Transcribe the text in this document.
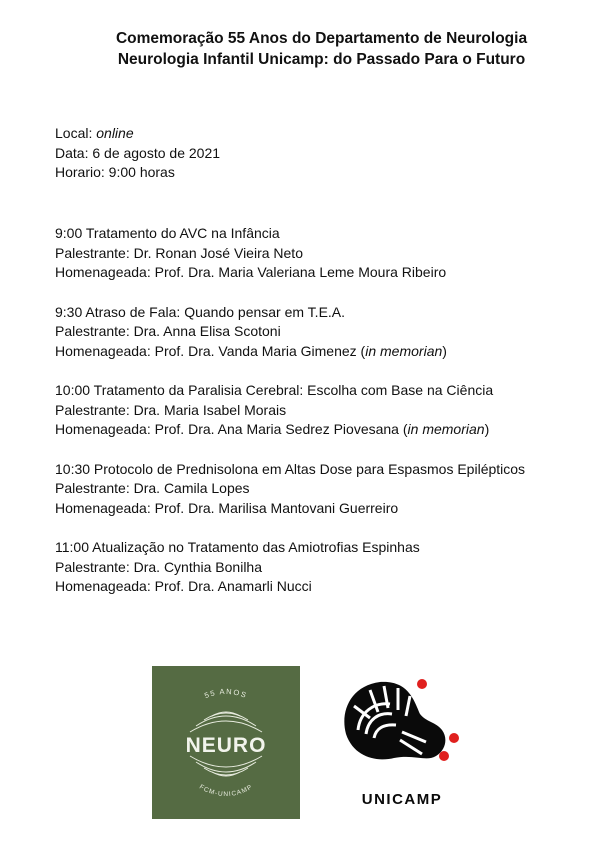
Comemoração 55 Anos do Departamento de Neurologia
Neurologia Infantil Unicamp: do Passado Para o Futuro
Local: online
Data: 6 de agosto de 2021
Horario: 9:00 horas
9:00 Tratamento do AVC na Infância
Palestrante: Dr. Ronan José Vieira Neto
Homenageada: Prof. Dra. Maria Valeriana Leme Moura Ribeiro
9:30 Atraso de Fala: Quando pensar em T.E.A.
Palestrante: Dra. Anna Elisa Scotoni
Homenageada: Prof. Dra. Vanda Maria Gimenez (in memorian)
10:00 Tratamento da Paralisia Cerebral: Escolha com Base na Ciência
Palestrante: Dra. Maria Isabel Morais
Homenageada: Prof. Dra. Ana Maria Sedrez Piovesana (in memorian)
10:30 Protocolo de Prednisolona em Altas Dose para Espasmos Epilépticos
Palestrante: Dra. Camila Lopes
Homenageada: Prof. Dra. Marilisa Mantovani Guerreiro
11:00 Atualização no Tratamento das Amiotrofias Espinhas
Palestrante: Dra. Cynthia Bonilha
Homenageada: Prof. Dra. Anamarli Nucci
55 ANOS
NEURO
FCM-UNICAMP
UNICAMP
